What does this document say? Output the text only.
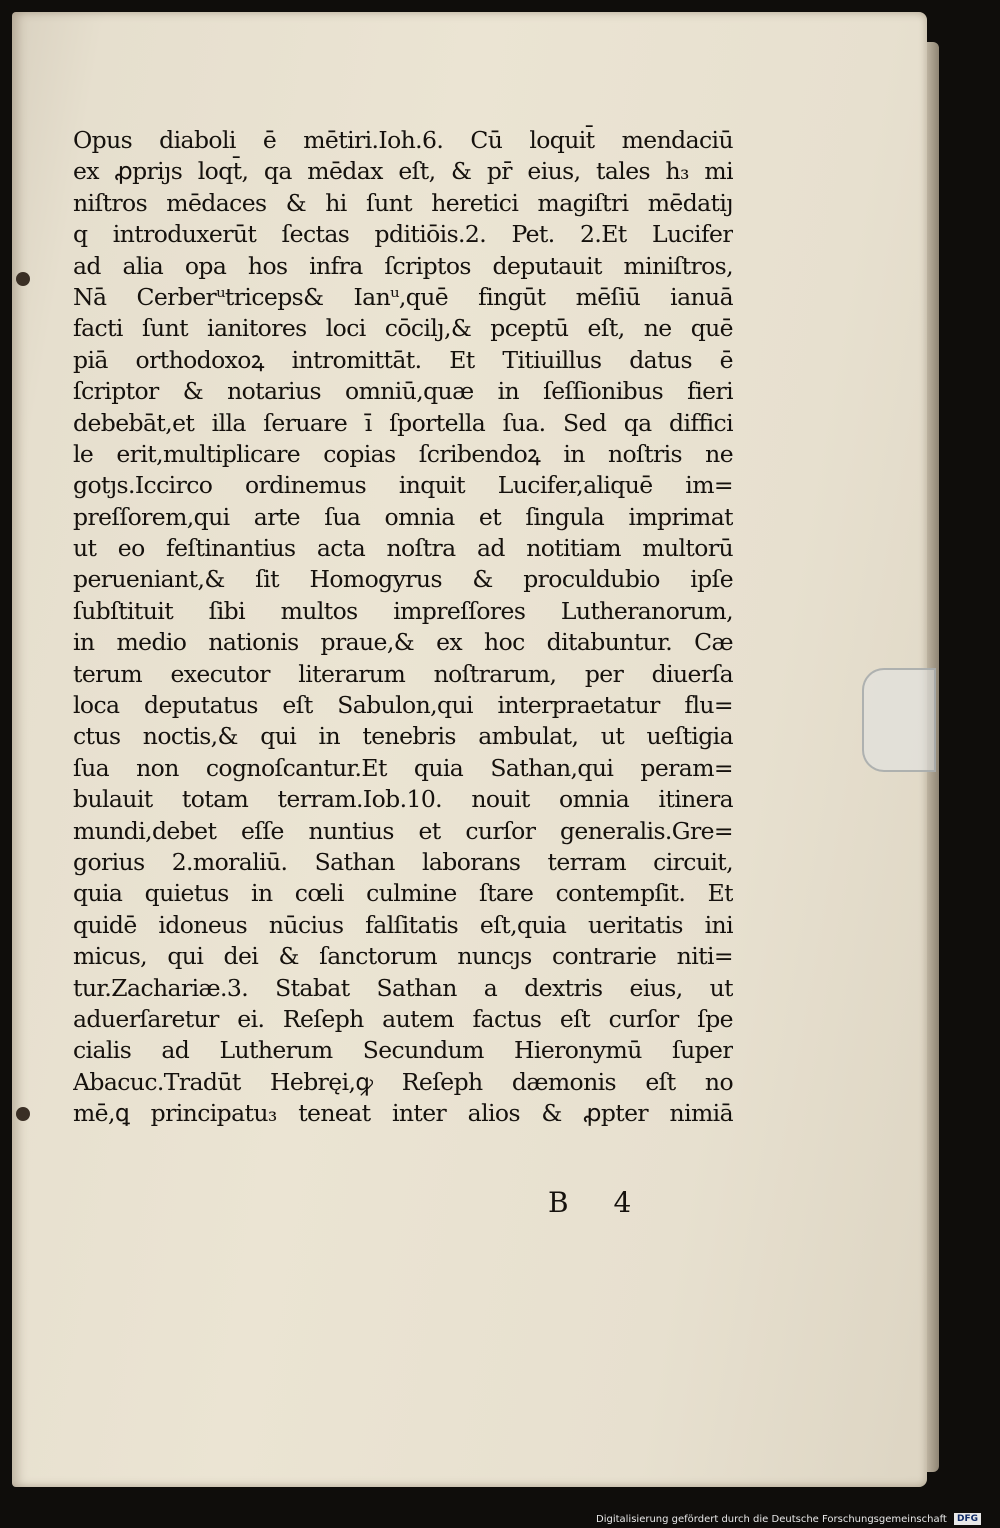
Opus diaboli ē mētiri.Ioh.6. Cū loquit̄ mendaciū
ex ꝓpriȷs loqt̄, qa mēdax eſt, & pr̄ eius, tales h₃ mi
niſtros mēdaces & hi ſunt heretici magiſtri mēdatiȷ
q introduxerūt ſectas pditiōis.2. Pet. 2.Et Lucifer
ad alia opa hos infra ſcriptos deputauit miniſtros,
Nā Cerberᵘtriceps& Ianᵘ,quē fingūt mēſiū ianuā
facti ſunt ianitores loci cōcilȷ,& pceptū eſt, ne quē
piā orthodoxoꝝ intromittāt. Et Titiuillus datus ē
ſcriptor & notarius omniū,quæ in ſeſſionibus fieri
debebāt,et illa ſeruare ī ſportella ſua. Sed qa diffici
le erit,multiplicare copias ſcribendoꝝ in noſtris ne
gotȷs.Iccirco ordinemus inquit Lucifer,aliquē im=
preſſorem,qui arte ſua omnia et ſingula imprimat
ut eo feſtinantius acta noſtra ad notitiam multorū
perueniant,& ſit Homogyrus & proculdubio ipſe
ſubſtituit ſibi multos impreſſores Lutheranorum,
in medio nationis praue,& ex hoc ditabuntur. Cæ
terum executor literarum noſtrarum, per diuerſa
loca deputatus eſt Sabulon,qui interpraetatur flu=
ctus noctis,& qui in tenebris ambulat, ut ueſtigia
ſua non cognoſcantur.Et quia Sathan,qui peram=
bulauit totam terram.Iob.10. nouit omnia itinera
mundi,debet eſſe nuntius et curſor generalis.Gre=
gorius 2.moraliū. Sathan laborans terram circuit,
quia quietus in cœli culmine ſtare contempſit. Et
quidē idoneus nūcius falſitatis eſt,quia ueritatis ini
micus, qui dei & ſanctorum nuncȷs contrarie niti=
tur.Zachariæ.3. Stabat Sathan a dextris eius, ut
aduerſaretur ei. Reſeph autem factus eſt curſor ſpe
cialis ad Lutherum Secundum Hieronymū ſuper
Abacuc.Tradūt Hebręi,ꝙ Reſeph dæmonis eſt no
mē,ꝗ principatu₃ teneat inter alios & ꝓpter nimiā
B 4
Digitalisierung gefördert durch die Deutsche Forschungsgemeinschaft DFG
